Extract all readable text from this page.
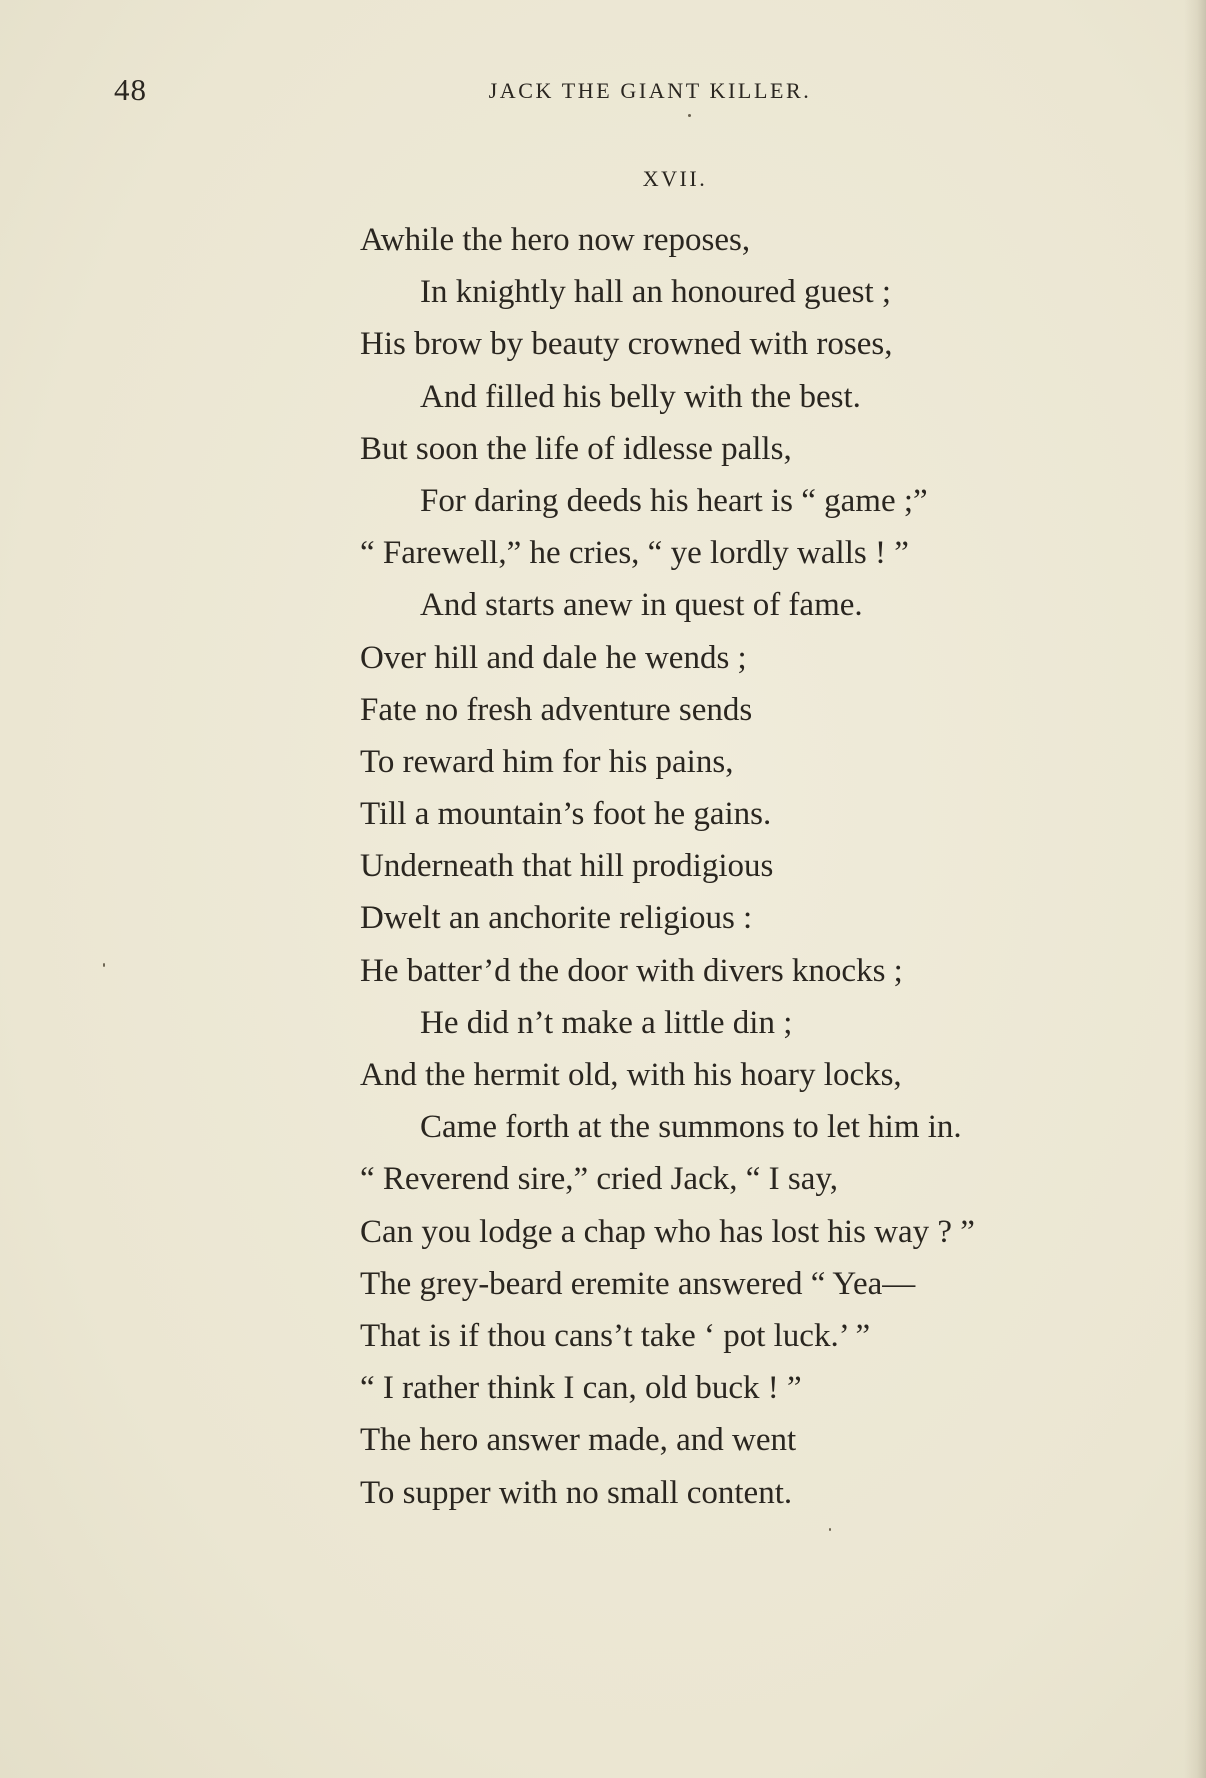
48	JACK THE GIANT KILLER.
XVII.
Awhile the hero now reposes,
In knightly hall an honoured guest ;
His brow by beauty crowned with roses,
And filled his belly with the best.
But soon the life of idlesse palls,
For daring deeds his heart is “ game ;”
“ Farewell,” he cries, “ ye lordly walls ! ”
And starts anew in quest of fame.
Over hill and dale he wends ;
Fate no fresh adventure sends
To reward him for his pains,
Till a mountain’s foot he gains.
Underneath that hill prodigious
Dwelt an anchorite religious :
He batter’d the door with divers knocks ;
He did n’t make a little din ;
And the hermit old, with his hoary locks,
Came forth at the summons to let him in.
“ Reverend sire,” cried Jack, “ I say,
Can you lodge a chap who has lost his way ? ”
The grey-beard eremite answered “ Yea—
That is if thou cans’t take ‘ pot luck.’ ”
“ I rather think I can, old buck ! ”
The hero answer made, and went
To supper with no small content.
